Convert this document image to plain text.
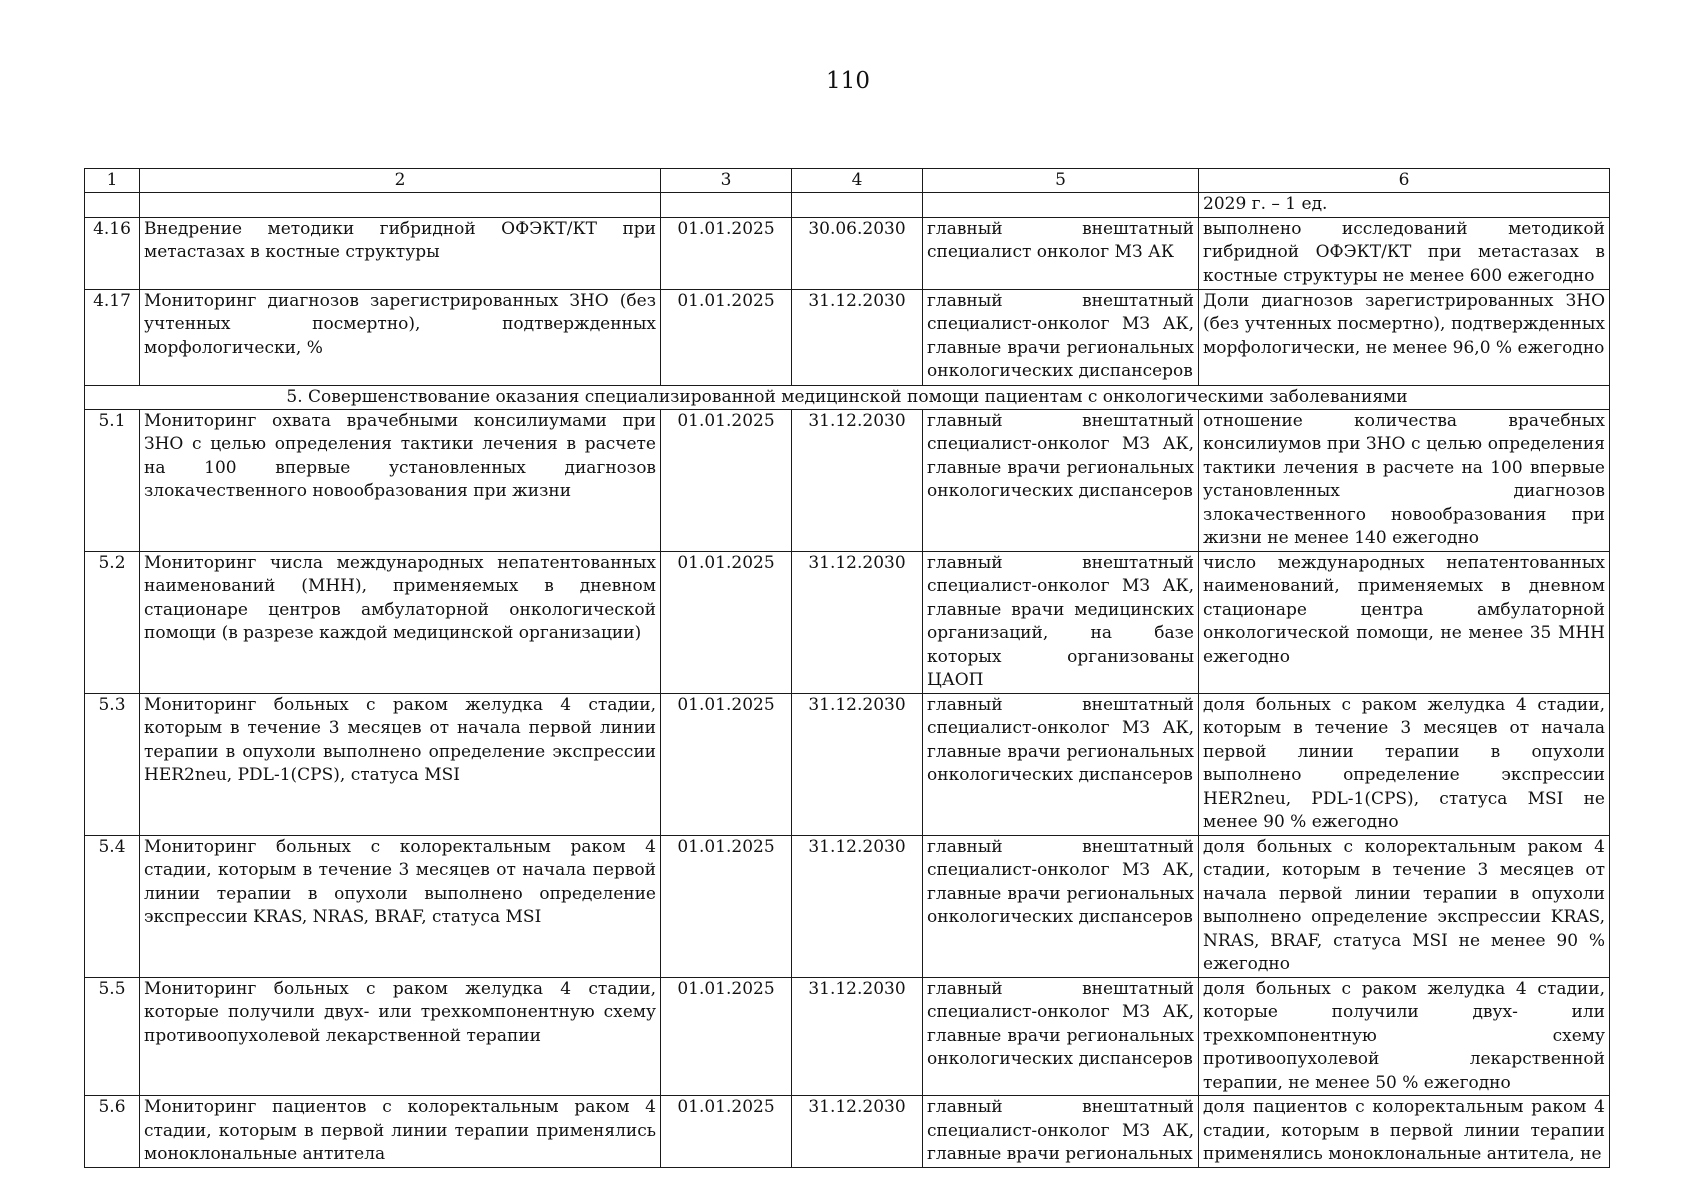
110
1	2	3	4	5	6
					2029 г. – 1 ед.
4.16	Внедрение методики гибридной ОФЭКТ/КТ при метастазах в костные структуры	01.01.2025	30.06.2030	главный внештатный специалист онколог МЗ АК	выполнено исследований методикой гибридной ОФЭКТ/КТ при метастазах в костные структуры не менее 600 ежегодно
4.17	Мониторинг диагнозов зарегистрированных ЗНО (без учтенных посмертно), подтвержденных морфологически, %	01.01.2025	31.12.2030	главный внештатный специалист-онколог МЗ АК, главные врачи региональных онкологических диспансеров	Доли диагнозов зарегистрированных ЗНО (без учтенных посмертно), подтвержденных морфологически, не менее 96,0 % ежегодно
5. Совершенствование оказания специализированной медицинской помощи пациентам с онкологическими заболеваниями					
5.1	Мониторинг охвата врачебными консилиумами при ЗНО с целью определения тактики лечения в расчете на 100 впервые установленных диагнозов злокачественного новообразования при жизни	01.01.2025	31.12.2030	главный внештатный специалист-онколог МЗ АК, главные врачи региональных онкологических диспансеров	отношение количества врачебных консилиумов при ЗНО с целью определения тактики лечения в расчете на 100 впервые установленных диагнозов злокачественного новообразования при жизни не менее 140 ежегодно
5.2	Мониторинг числа международных непатентованных наименований (МНН), применяемых в дневном стационаре центров амбулаторной онкологической помощи (в разрезе каждой медицинской организации)	01.01.2025	31.12.2030	главный внештатный специалист-онколог МЗ АК, главные врачи медицинских организаций, на базе которых организованы ЦАОП	число международных непатентованных наименований, применяемых в дневном стационаре центра амбулаторной онкологической помощи, не менее 35 МНН ежегодно
5.3	Мониторинг больных с раком желудка 4 стадии, которым в течение 3 месяцев от начала первой линии терапии в опухоли выполнено определение экспрессии HER2neu, PDL-1(CPS), статуса MSI	01.01.2025	31.12.2030	главный внештатный специалист-онколог МЗ АК, главные врачи региональных онкологических диспансеров	доля больных с раком желудка 4 стадии, которым в течение 3 месяцев от начала первой линии терапии в опухоли выполнено определение экспрессии HER2neu, PDL-1(CPS), статуса MSI не менее 90 % ежегодно
5.4	Мониторинг больных с колоректальным раком 4 стадии, которым в течение 3 месяцев от начала первой линии терапии в опухоли выполнено определение экспрессии KRAS, NRAS, BRAF, статуса MSI	01.01.2025	31.12.2030	главный внештатный специалист-онколог МЗ АК, главные врачи региональных онкологических диспансеров	доля больных с колоректальным раком 4 стадии, которым в течение 3 месяцев от начала первой линии терапии в опухоли выполнено определение экспрессии KRAS, NRAS, BRAF, статуса MSI не менее 90 % ежегодно
5.5	Мониторинг больных с раком желудка 4 стадии, которые получили двух- или трехкомпонентную схему противоопухолевой лекарственной терапии	01.01.2025	31.12.2030	главный внештатный специалист-онколог МЗ АК, главные врачи региональных онкологических диспансеров	доля больных с раком желудка 4 стадии, которые получили двух- или трехкомпонентную схему противоопухолевой лекарственной терапии, не менее 50 % ежегодно
5.6	Мониторинг пациентов с колоректальным раком 4 стадии, которым в первой линии терапии применялись моноклональные антитела	01.01.2025	31.12.2030	главный внештатный специалист-онколог МЗ АК, главные врачи региональных	доля пациентов с колоректальным раком 4 стадии, которым в первой линии терапии применялись моноклональные антитела, не
